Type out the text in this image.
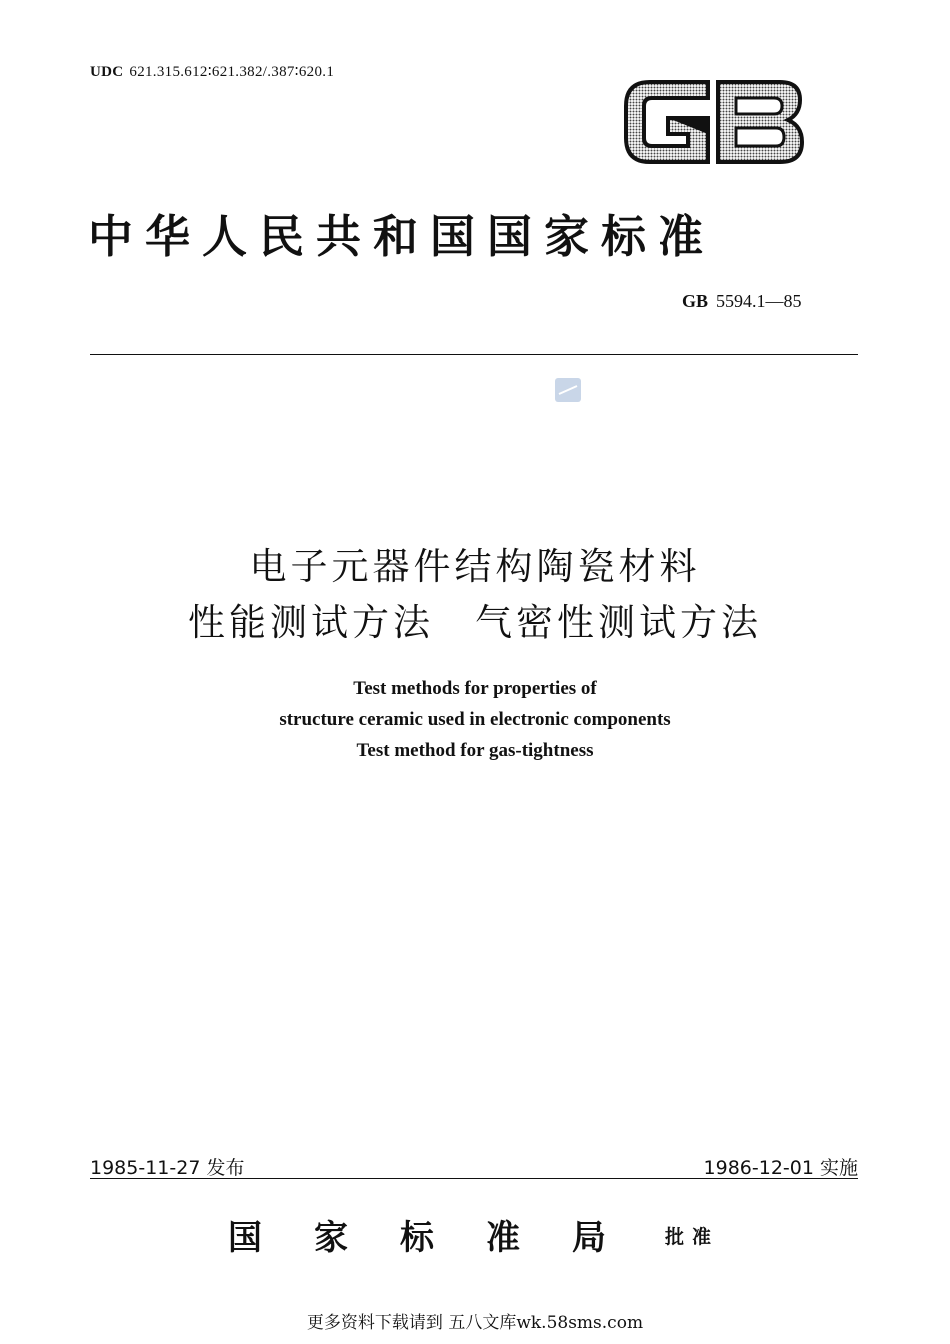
UDC 621.315.612∶621.382/.387∶620.1
中华人民共和国国家标准
GB 5594.1—85
电子元器件结构陶瓷材料
性能测试方法　气密性测试方法
Test methods for properties of
structure ceramic used in electronic components
Test method for gas-tightness
1985-11-27 发布	1986-12-01 实施
国家标准局 批准
更多资料下载请到 五八文库wk.58sms.com
